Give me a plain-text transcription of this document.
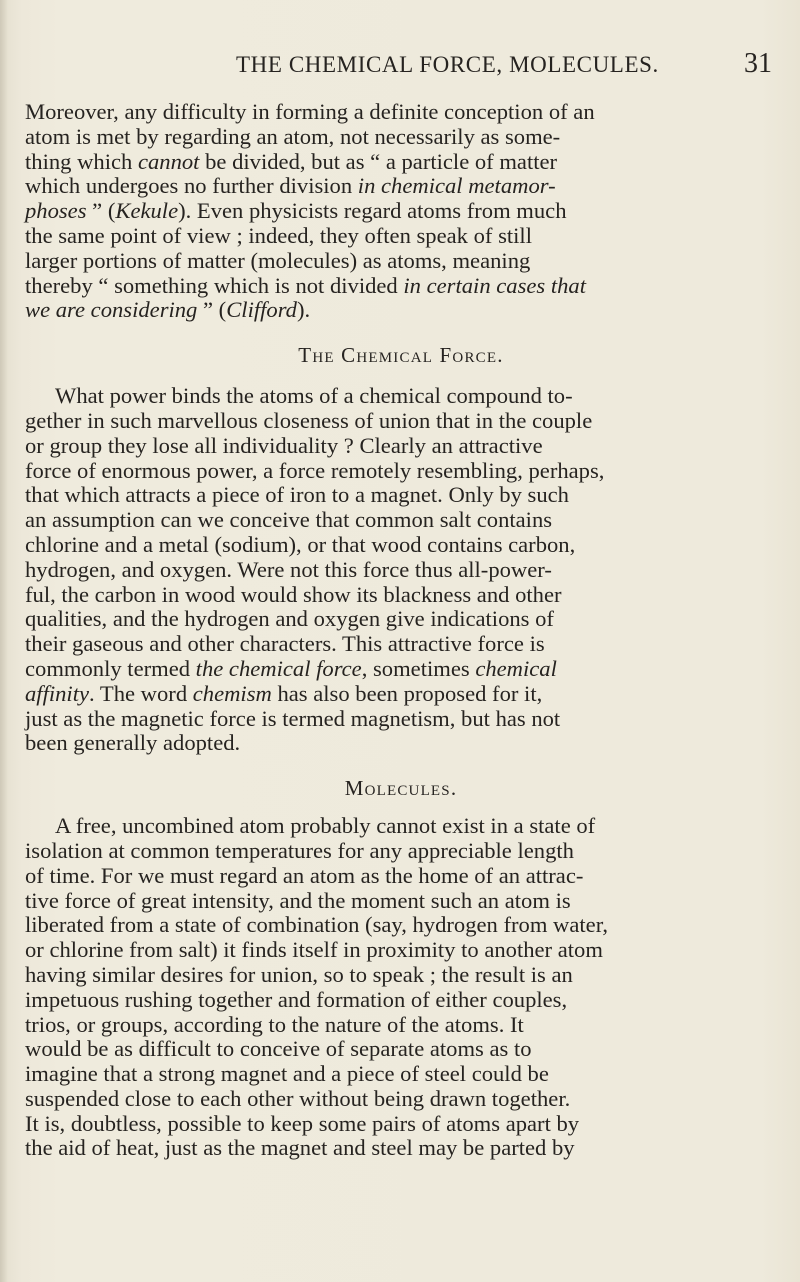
THE CHEMICAL FORCE, MOLECULES.	31

Moreover, any difficulty in forming a definite conception of an
atom is met by regarding an atom, not necessarily as some-
thing which cannot be divided, but as “ a particle of matter
which undergoes no further division in chemical metamor-
phoses ” (Kekule). Even physicists regard atoms from much
the same point of view ; indeed, they often speak of still
larger portions of matter (molecules) as atoms, meaning
thereby “ something which is not divided in certain cases that
we are considering ” (Clifford).

The Chemical Force.

What power binds the atoms of a chemical compound to-
gether in such marvellous closeness of union that in the couple
or group they lose all individuality ? Clearly an attractive
force of enormous power, a force remotely resembling, perhaps,
that which attracts a piece of iron to a magnet. Only by such
an assumption can we conceive that common salt contains
chlorine and a metal (sodium), or that wood contains carbon,
hydrogen, and oxygen. Were not this force thus all-power-
ful, the carbon in wood would show its blackness and other
qualities, and the hydrogen and oxygen give indications of
their gaseous and other characters. This attractive force is
commonly termed the chemical force, sometimes chemical
affinity. The word chemism has also been proposed for it,
just as the magnetic force is termed magnetism, but has not
been generally adopted.

Molecules.

A free, uncombined atom probably cannot exist in a state of
isolation at common temperatures for any appreciable length
of time. For we must regard an atom as the home of an attrac-
tive force of great intensity, and the moment such an atom is
liberated from a state of combination (say, hydrogen from water,
or chlorine from salt) it finds itself in proximity to another atom
having similar desires for union, so to speak ; the result is an
impetuous rushing together and formation of either couples,
trios, or groups, according to the nature of the atoms. It
would be as difficult to conceive of separate atoms as to
imagine that a strong magnet and a piece of steel could be
suspended close to each other without being drawn together.
It is, doubtless, possible to keep some pairs of atoms apart by
the aid of heat, just as the magnet and steel may be parted by
